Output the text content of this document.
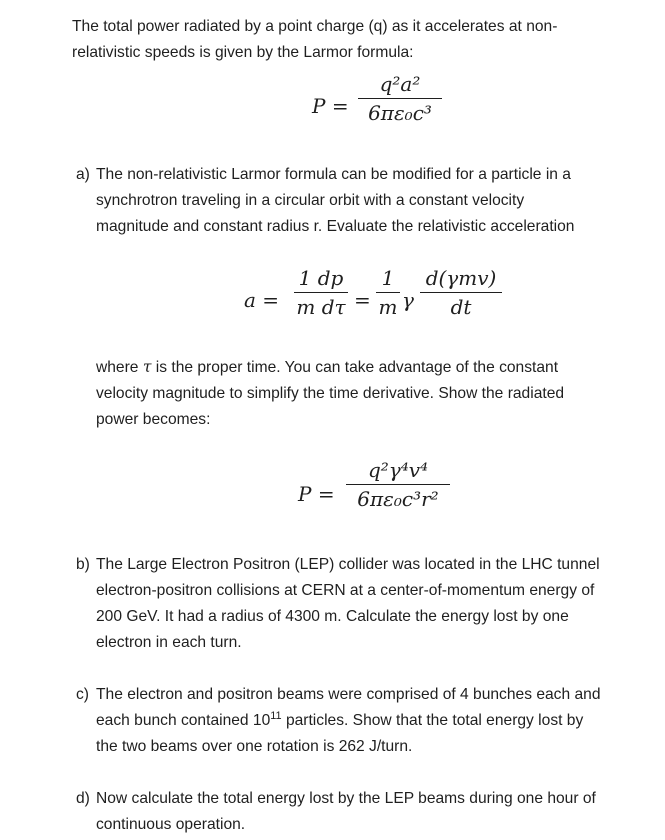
The total power radiated by a point charge (q) as it accelerates at non-
relativistic speeds is given by the Larmor formula:
P =
q²a²
6πε₀c³
a) The non-relativistic Larmor formula can be modified for a particle in a
synchrotron traveling in a circular orbit with a constant velocity
magnitude and constant radius r. Evaluate the relativistic acceleration
a =
1 dp
m dτ =
1
m γ
d(γmv)
dt
where τ is the proper time. You can take advantage of the constant
velocity magnitude to simplify the time derivative. Show the radiated
power becomes:
P =
q²γ⁴v⁴
6πε₀c³r²
b) The Large Electron Positron (LEP) collider was located in the LHC tunnel
electron-positron collisions at CERN at a center-of-momentum energy of
200 GeV. It had a radius of 4300 m. Calculate the energy lost by one
electron in each turn.
c) The electron and positron beams were comprised of 4 bunches each and
each bunch contained $10^{11}$ particles. Show that the total energy lost by
the two beams over one rotation is 262 J/turn.
d) Now calculate the total energy lost by the LEP beams during one hour of
continuous operation.
